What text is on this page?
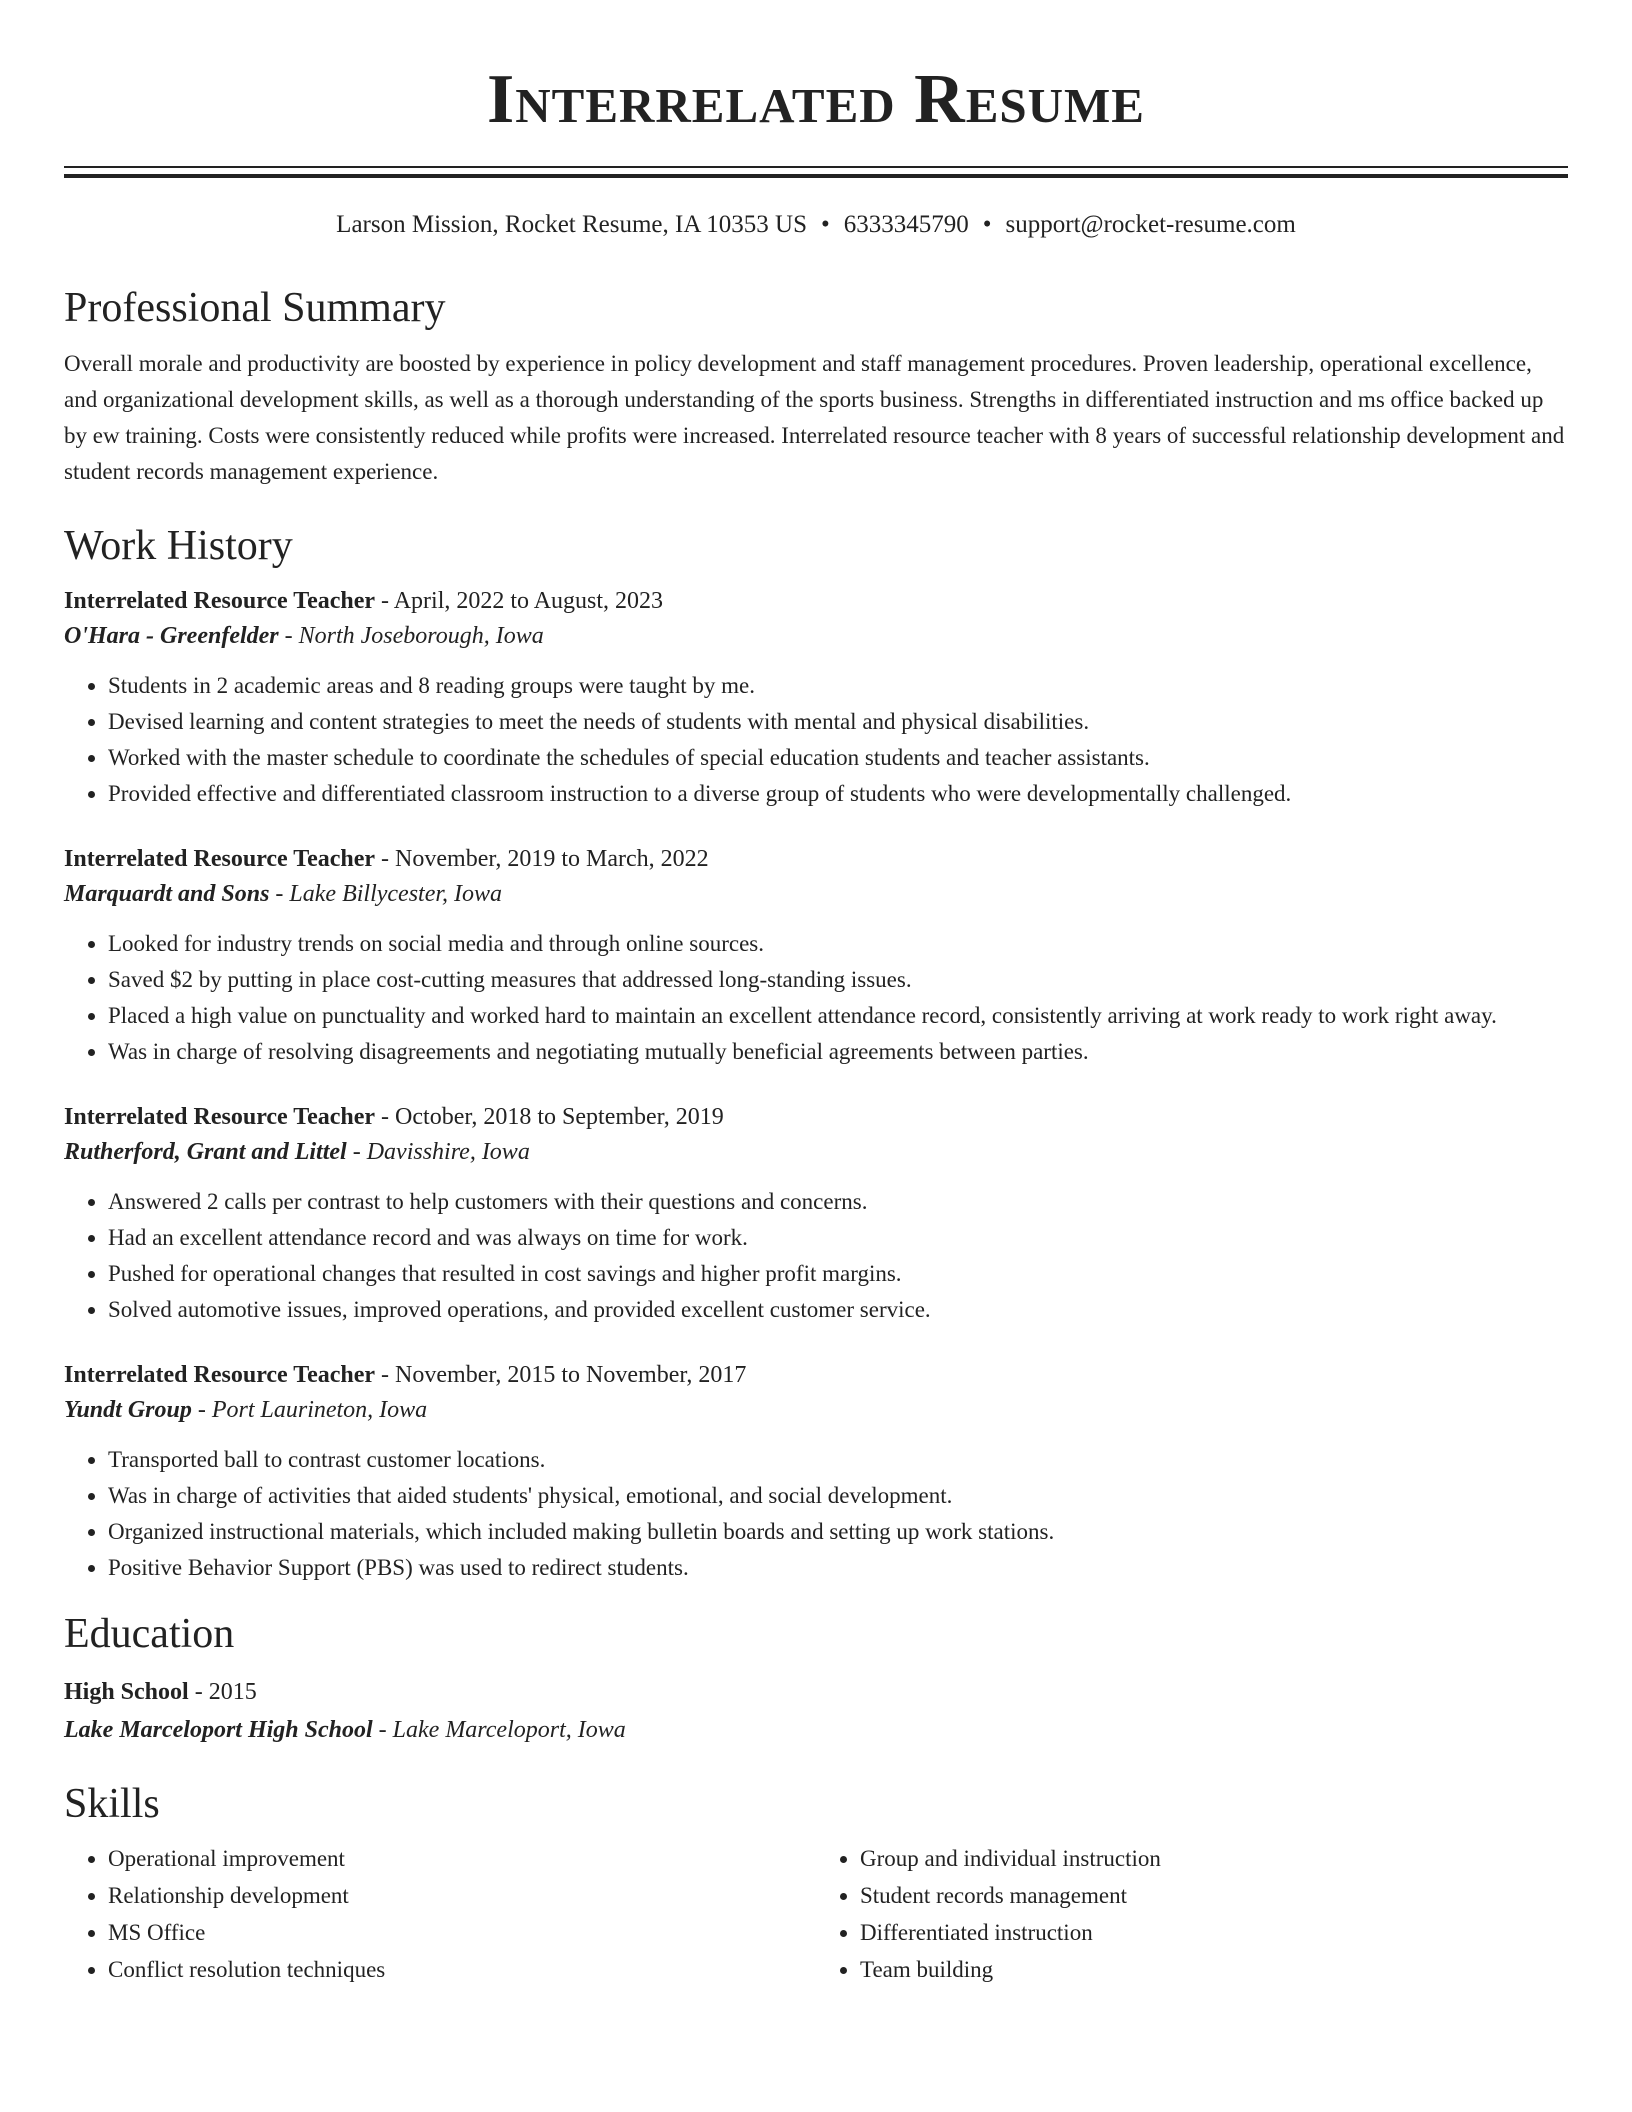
Interrelated Resume
Larson Mission, Rocket Resume, IA 10353 US • 6333345790 • support@rocket-resume.com
Professional Summary

Overall morale and productivity are boosted by experience in policy development and staff management procedures. Proven leadership, operational excellence, and organizational development skills, as well as a thorough understanding of the sports business. Strengths in differentiated instruction and ms office backed up by ew training. Costs were consistently reduced while profits were increased. Interrelated resource teacher with 8 years of successful relationship development and student records management experience.

Work History
Interrelated Resource Teacher - April, 2022 to August, 2023
O'Hara - Greenfelder - North Joseborough, Iowa
• Students in 2 academic areas and 8 reading groups were taught by me.
• Devised learning and content strategies to meet the needs of students with mental and physical disabilities.
• Worked with the master schedule to coordinate the schedules of special education students and teacher assistants.
• Provided effective and differentiated classroom instruction to a diverse group of students who were developmentally challenged.
Interrelated Resource Teacher - November, 2019 to March, 2022
Marquardt and Sons - Lake Billycester, Iowa
• Looked for industry trends on social media and through online sources.
• Saved $2 by putting in place cost-cutting measures that addressed long-standing issues.
• Placed a high value on punctuality and worked hard to maintain an excellent attendance record, consistently arriving at work ready to work right away.
• Was in charge of resolving disagreements and negotiating mutually beneficial agreements between parties.
Interrelated Resource Teacher - October, 2018 to September, 2019
Rutherford, Grant and Littel - Davisshire, Iowa
• Answered 2 calls per contrast to help customers with their questions and concerns.
• Had an excellent attendance record and was always on time for work.
• Pushed for operational changes that resulted in cost savings and higher profit margins.
• Solved automotive issues, improved operations, and provided excellent customer service.
Interrelated Resource Teacher - November, 2015 to November, 2017
Yundt Group - Port Laurineton, Iowa
• Transported ball to contrast customer locations.
• Was in charge of activities that aided students' physical, emotional, and social development.
• Organized instructional materials, which included making bulletin boards and setting up work stations.
• Positive Behavior Support (PBS) was used to redirect students.
Education
High School - 2015
Lake Marceloport High School - Lake Marceloport, Iowa
Skills
• Operational improvement
• Relationship development
• MS Office
• Conflict resolution techniques
• Group and individual instruction
• Student records management
• Differentiated instruction
• Team building
